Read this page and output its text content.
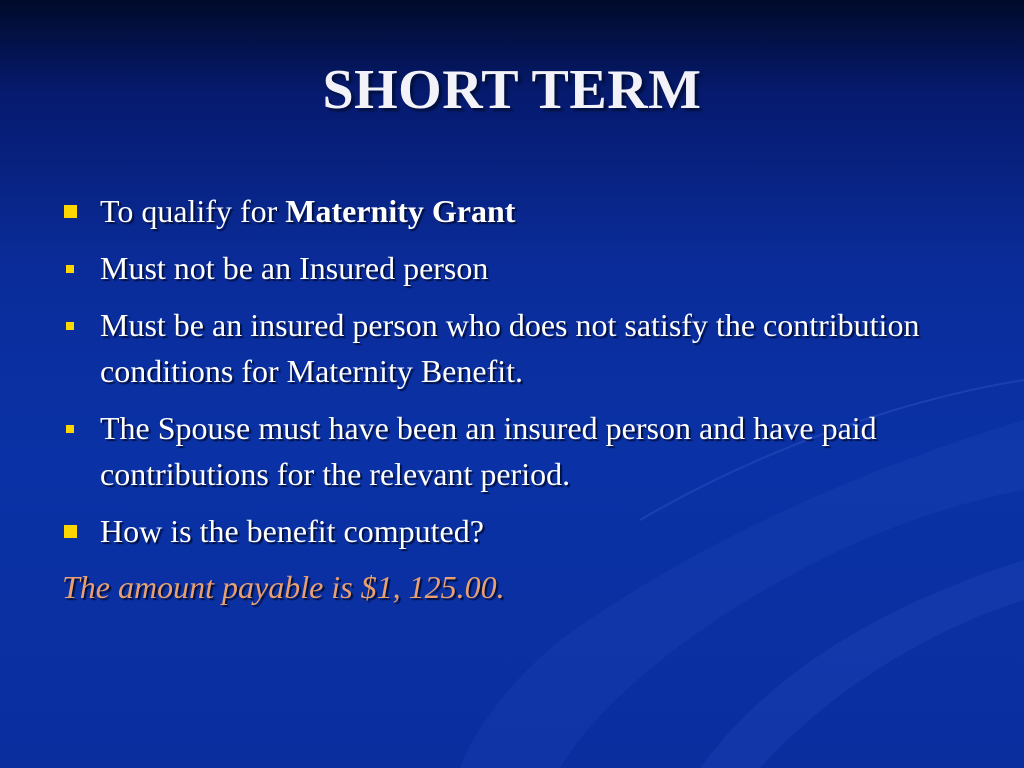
SHORT TERM
To qualify for Maternity Grant
Must not be an Insured person
Must be an insured person who does not satisfy the contribution conditions for Maternity Benefit.
The Spouse must have been an insured person and have paid contributions for the relevant period.
How is the benefit computed?
The amount payable is $1, 125.00.
